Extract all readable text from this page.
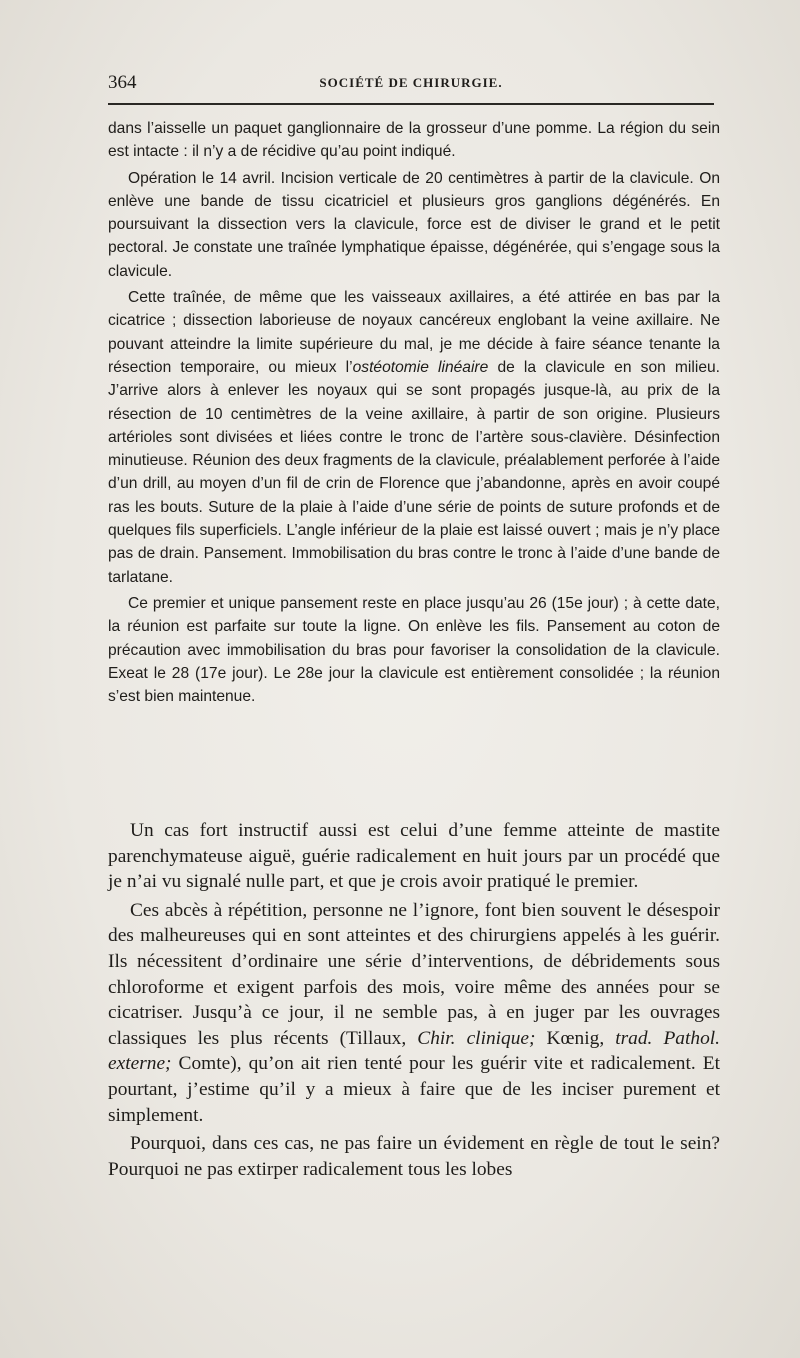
364	SOCIÉTÉ DE CHIRURGIE.

dans l’aisselle un paquet ganglionnaire de la grosseur d’une pomme. La région du sein est intacte : il n’y a de récidive qu’au point indiqué.

Opération le 14 avril. Incision verticale de 20 centimètres à partir de la clavicule. On enlève une bande de tissu cicatriciel et plusieurs gros ganglions dégénérés. En poursuivant la dissection vers la clavicule, force est de diviser le grand et le petit pectoral. Je constate une traînée lymphatique épaisse, dégénérée, qui s’engage sous la clavicule.

Cette traînée, de même que les vaisseaux axillaires, a été attirée en bas par la cicatrice ; dissection laborieuse de noyaux cancéreux englobant la veine axillaire. Ne pouvant atteindre la limite supérieure du mal, je me décide à faire séance tenante la résection temporaire, ou mieux l’ostéotomie linéaire de la clavicule en son milieu. J’arrive alors à enlever les noyaux qui se sont propagés jusque-là, au prix de la résection de 10 centimètres de la veine axillaire, à partir de son origine. Plusieurs artérioles sont divisées et liées contre le tronc de l’artère sous-clavière. Désinfection minutieuse. Réunion des deux fragments de la clavicule, préalablement perforée à l’aide d’un drill, au moyen d’un fil de crin de Florence que j’abandonne, après en avoir coupé ras les bouts. Suture de la plaie à l’aide d’une série de points de suture profonds et de quelques fils superficiels. L’angle inférieur de la plaie est laissé ouvert ; mais je n’y place pas de drain. Pansement. Immobilisation du bras contre le tronc à l’aide d’une bande de tarlatane.

Ce premier et unique pansement reste en place jusqu’au 26 (15e jour) ; à cette date, la réunion est parfaite sur toute la ligne. On enlève les fils. Pansement au coton de précaution avec immobilisation du bras pour favoriser la consolidation de la clavicule. Exeat le 28 (17e jour). Le 28e jour la clavicule est entièrement consolidée ; la réunion s’est bien maintenue.

Un cas fort instructif aussi est celui d’une femme atteinte de mastite parenchymateuse aiguë, guérie radicalement en huit jours par un procédé que je n’ai vu signalé nulle part, et que je crois avoir pratiqué le premier.

Ces abcès à répétition, personne ne l’ignore, font bien souvent le désespoir des malheureuses qui en sont atteintes et des chirurgiens appelés à les guérir. Ils nécessitent d’ordinaire une série d’interventions, de débridements sous chloroforme et exigent parfois des mois, voire même des années pour se cicatriser. Jusqu’à ce jour, il ne semble pas, à en juger par les ouvrages classiques les plus récents (Tillaux, Chir. clinique; Kœnig, trad. Pathol. externe; Comte), qu’on ait rien tenté pour les guérir vite et radicalement. Et pourtant, j’estime qu’il y a mieux à faire que de les inciser purement et simplement.

Pourquoi, dans ces cas, ne pas faire un évidement en règle de tout le sein? Pourquoi ne pas extirper radicalement tous les lobes
